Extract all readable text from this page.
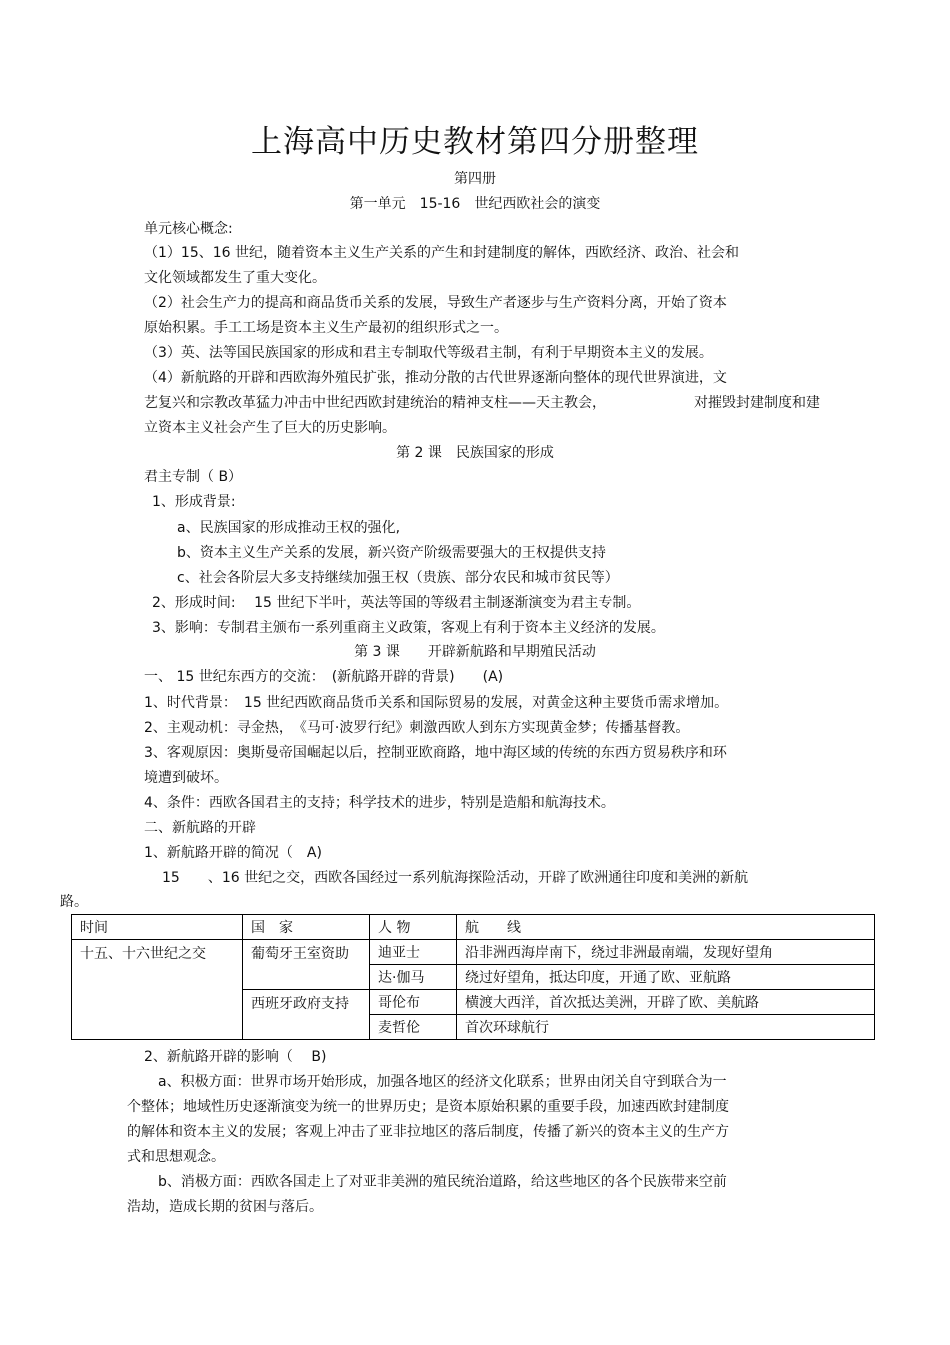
上海高中历史教材第四分册整理
第四册
第一单元　15-16　世纪西欧社会的演变
单元核心概念:
（1）15、16 世纪，随着资本主义生产关系的产生和封建制度的解体，西欧经济、政治、社会和
文化领域都发生了重大变化。
（2）社会生产力的提高和商品货币关系的发展，导致生产者逐步与生产资料分离，开始了资本
原始积累。手工工场是资本主义生产最初的组织形式之一。
（3）英、法等国民族国家的形成和君主专制取代等级君主制，有利于早期资本主义的发展。
（4）新航路的开辟和西欧海外殖民扩张，推动分散的古代世界逐渐向整体的现代世界演进，文
艺复兴和宗教改革猛力冲击中世纪西欧封建统治的精神支柱——天主教会，	对摧毁封建制度和建
立资本主义社会产生了巨大的历史影响。
第 2 课　民族国家的形成
君主专制（ B）
1、形成背景:
a、民族国家的形成推动王权的强化,
b、资本主义生产关系的发展，新兴资产阶级需要强大的王权提供支持
c、社会各阶层大多支持继续加强王权（贵族、部分农民和城市贫民等）
2、形成时间:　 15 世纪下半叶，英法等国的等级君主制逐渐演变为君主专制。
3、影响：专制君主颁布一系列重商主义政策，客观上有利于资本主义经济的发展。
第 3 课　　开辟新航路和早期殖民活动
一、 15 世纪东西方的交流：　(新航路开辟的背景)　　(A)
1、时代背景：　15 世纪西欧商品货币关系和国际贸易的发展，对黄金这种主要货币需求增加。
2、主观动机：寻金热，　《马可·波罗行纪》刺激西欧人到东方实现黄金梦；传播基督教。
3、客观原因：奥斯曼帝国崛起以后，控制亚欧商路，地中海区域的传统的东西方贸易秩序和环
境遭到破坏。
4、条件：西欧各国君主的支持；科学技术的进步，特别是造船和航海技术。
二、新航路的开辟
1、新航路开辟的简况（　A)
15　　、16 世纪之交，西欧各国经过一系列航海探险活动，开辟了欧洲通往印度和美洲的新航
路。
时间	国　家	人 物	航　　线
十五、十六世纪之交	葡萄牙王室资助	迪亚士	沿非洲西海岸南下，绕过非洲最南端，发现好望角
		达·伽马	绕过好望角，抵达印度，开通了欧、亚航路
	西班牙政府支持	哥伦布	横渡大西洋，首次抵达美洲，开辟了欧、美航路
		麦哲伦	首次环球航行
2、新航路开辟的影响（　 B)
a、积极方面：世界市场开始形成，加强各地区的经济文化联系；世界由闭关自守到联合为一
个整体；地域性历史逐渐演变为统一的世界历史；是资本原始积累的重要手段，加速西欧封建制度
的解体和资本主义的发展；客观上冲击了亚非拉地区的落后制度，传播了新兴的资本主义的生产方
式和思想观念。
b、消极方面：西欧各国走上了对亚非美洲的殖民统治道路，给这些地区的各个民族带来空前
浩劫，造成长期的贫困与落后。
